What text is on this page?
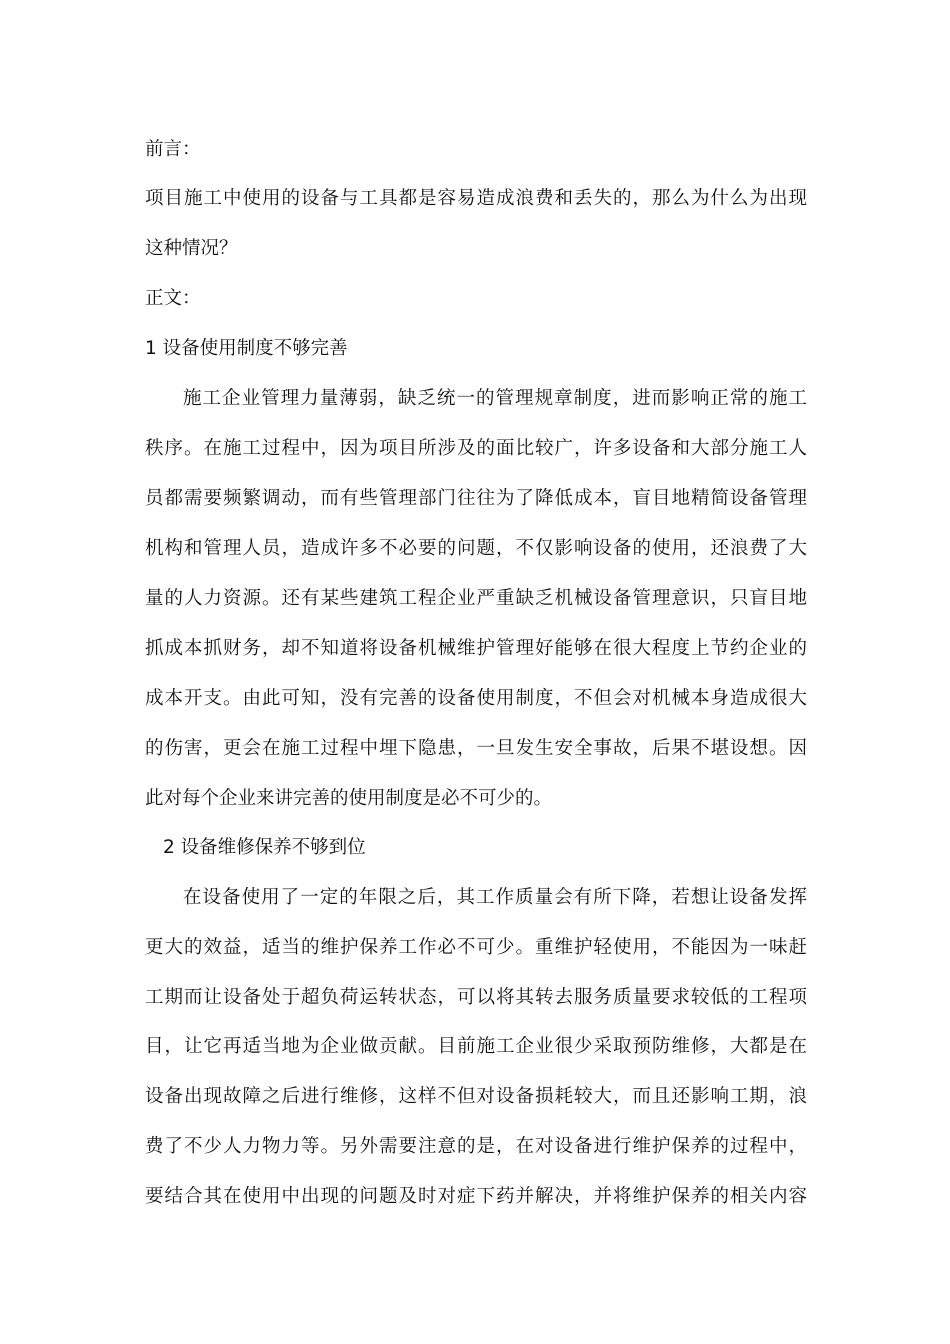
前言：
项目施工中使用的设备与工具都是容易造成浪费和丢失的，那么为什么为出现
这种情况？
正文：
1 设备使用制度不够完善
施工企业管理力量薄弱，缺乏统一的管理规章制度，进而影响正常的施工
秩序。在施工过程中，因为项目所涉及的面比较广，许多设备和大部分施工人
员都需要频繁调动，而有些管理部门往往为了降低成本，盲目地精简设备管理
机构和管理人员，造成许多不必要的问题，不仅影响设备的使用，还浪费了大
量的人力资源。还有某些建筑工程企业严重缺乏机械设备管理意识，只盲目地
抓成本抓财务，却不知道将设备机械维护管理好能够在很大程度上节约企业的
成本开支。由此可知，没有完善的设备使用制度，不但会对机械本身造成很大
的伤害，更会在施工过程中埋下隐患，一旦发生安全事故，后果不堪设想。因
此对每个企业来讲完善的使用制度是必不可少的。
2 设备维修保养不够到位
在设备使用了一定的年限之后，其工作质量会有所下降，若想让设备发挥
更大的效益，适当的维护保养工作必不可少。重维护轻使用，不能因为一味赶
工期而让设备处于超负荷运转状态，可以将其转去服务质量要求较低的工程项
目，让它再适当地为企业做贡献。目前施工企业很少采取预防维修，大都是在
设备出现故障之后进行维修，这样不但对设备损耗较大，而且还影响工期，浪
费了不少人力物力等。另外需要注意的是，在对设备进行维护保养的过程中，
要结合其在使用中出现的问题及时对症下药并解决，并将维护保养的相关内容
